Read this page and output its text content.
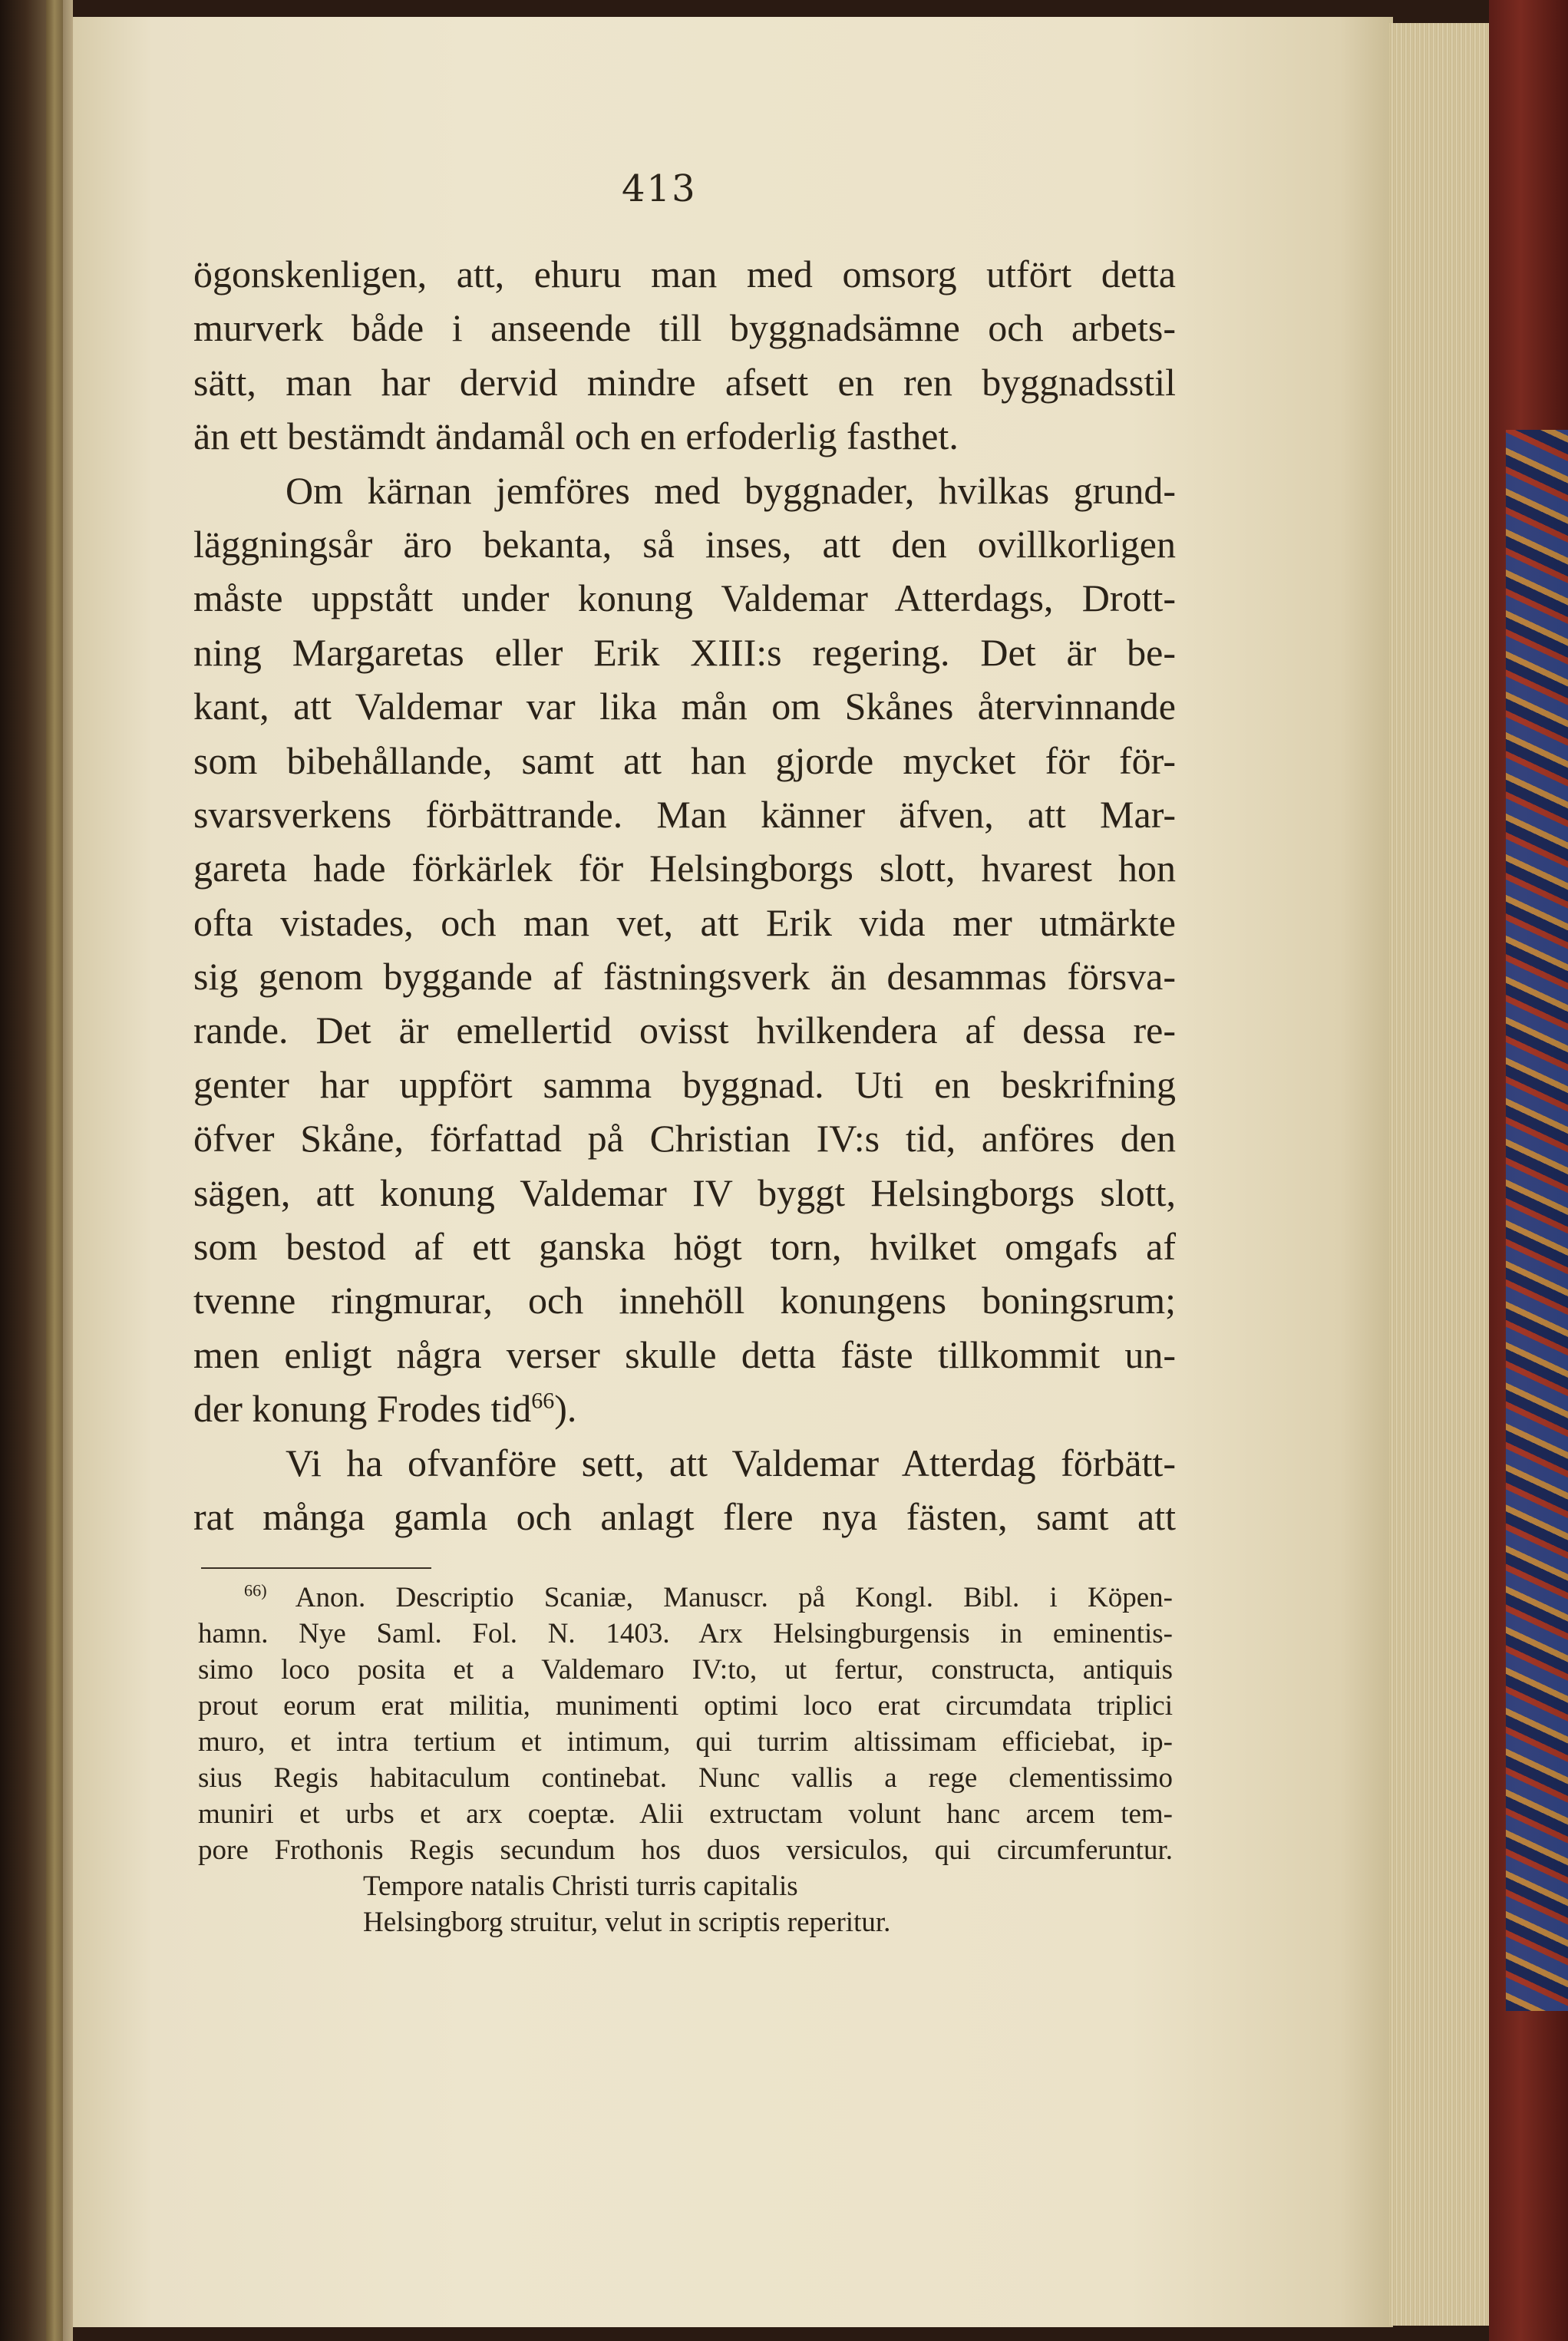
413
ögonskenligen, att, ehuru man med omsorg utfört detta
murverk både i anseende till byggnadsämne och arbets-
sätt, man har dervid mindre afsett en ren byggnadsstil
än ett bestämdt ändamål och en erfoderlig fasthet.
Om kärnan jemföres med byggnader, hvilkas grund-
läggningsår äro bekanta, så inses, att den ovillkorligen
måste uppstått under konung Valdemar Atterdags, Drott-
ning Margaretas eller Erik XIII:s regering. Det är be-
kant, att Valdemar var lika mån om Skånes återvinnande
som bibehållande, samt att han gjorde mycket för för-
svarsverkens förbättrande. Man känner äfven, att Mar-
gareta hade förkärlek för Helsingborgs slott, hvarest hon
ofta vistades, och man vet, att Erik vida mer utmärkte
sig genom byggande af fästningsverk än desammas försva-
rande. Det är emellertid ovisst hvilkendera af dessa re-
genter har uppfört samma byggnad. Uti en beskrifning
öfver Skåne, författad på Christian IV:s tid, anföres den
sägen, att konung Valdemar IV byggt Helsingborgs slott,
som bestod af ett ganska högt torn, hvilket omgafs af
tvenne ringmurar, och innehöll konungens boningsrum;
men enligt några verser skulle detta fäste tillkommit un-
der konung Frodes tid$^{66}$).
Vi ha ofvanföre sett, att Valdemar Atterdag förbätt-
rat många gamla och anlagt flere nya fästen, samt att
$^{66)}$ Anon. Descriptio Scaniæ, Manuscr. på Kongl. Bibl. i Köpen-
hamn. Nye Saml. Fol. N. 1403. Arx Helsingburgensis in eminentis-
simo loco posita et a Valdemaro IV:to, ut fertur, constructa, antiquis
prout eorum erat militia, munimenti optimi loco erat circumdata triplici
muro, et intra tertium et intimum, qui turrim altissimam efficiebat, ip-
sius Regis habitaculum continebat. Nunc vallis a rege clementissimo
muniri et urbs et arx coeptæ. Alii extructam volunt hanc arcem tem-
pore Frothonis Regis secundum hos duos versiculos, qui circumferuntur.
Tempore natalis Christi turris capitalis
Helsingborg struitur, velut in scriptis reperitur.
